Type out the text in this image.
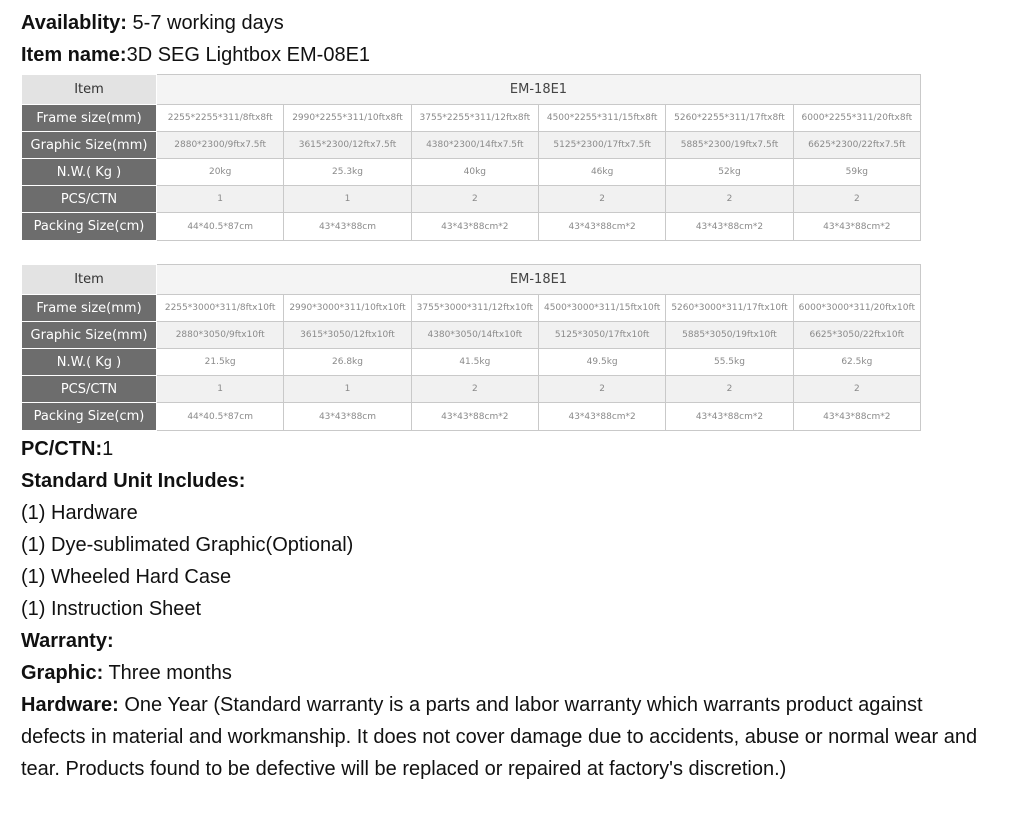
Availablity: 5-7 working days
Item name:3D SEG Lightbox EM-08E1
Item	EM-18E1					
Frame size(mm)	2255*2255*311/8ftx8ft	2990*2255*311/10ftx8ft	3755*2255*311/12ftx8ft	4500*2255*311/15ftx8ft	5260*2255*311/17ftx8ft	6000*2255*311/20ftx8ft
Graphic Size(mm)	2880*2300/9ftx7.5ft	3615*2300/12ftx7.5ft	4380*2300/14ftx7.5ft	5125*2300/17ftx7.5ft	5885*2300/19ftx7.5ft	6625*2300/22ftx7.5ft
N.W.( Kg )	20kg	25.3kg	40kg	46kg	52kg	59kg
PCS/CTN	1	1	2	2	2	2
Packing Size(cm)	44*40.5*87cm	43*43*88cm	43*43*88cm*2	43*43*88cm*2	43*43*88cm*2	43*43*88cm*2
Item	EM-18E1					
Frame size(mm)	2255*3000*311/8ftx10ft	2990*3000*311/10ftx10ft	3755*3000*311/12ftx10ft	4500*3000*311/15ftx10ft	5260*3000*311/17ftx10ft	6000*3000*311/20ftx10ft
Graphic Size(mm)	2880*3050/9ftx10ft	3615*3050/12ftx10ft	4380*3050/14ftx10ft	5125*3050/17ftx10ft	5885*3050/19ftx10ft	6625*3050/22ftx10ft
N.W.( Kg )	21.5kg	26.8kg	41.5kg	49.5kg	55.5kg	62.5kg
PCS/CTN	1	1	2	2	2	2
Packing Size(cm)	44*40.5*87cm	43*43*88cm	43*43*88cm*2	43*43*88cm*2	43*43*88cm*2	43*43*88cm*2
PC/CTN:1
Standard Unit Includes:
(1) Hardware
(1) Dye-sublimated Graphic(Optional)
(1) Wheeled Hard Case
(1) Instruction Sheet
Warranty:
Graphic: Three months
Hardware: One Year (Standard warranty is a parts and labor warranty which warrants product against defects in material and workmanship. It does not cover damage due to accidents, abuse or normal wear and tear. Products found to be defective will be replaced or repaired at factory's discretion.)
